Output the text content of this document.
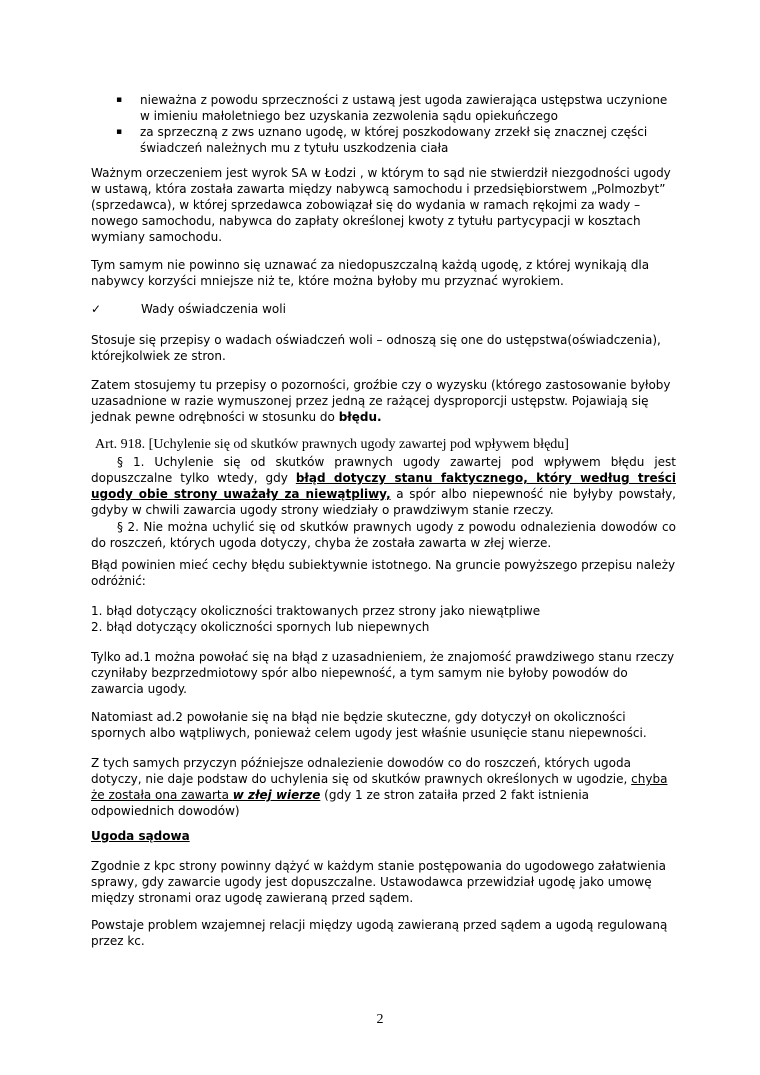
▪ nieważna z powodu sprzeczności z ustawą jest ugoda zawierająca ustępstwa uczynione w imieniu małoletniego bez uzyskania zezwolenia sądu opiekuńczego
▪ za sprzeczną z zws uznano ugodę, w której poszkodowany zrzekł się znacznej części świadczeń należnych mu z tytułu uszkodzenia ciała

Ważnym orzeczeniem jest wyrok SA w Łodzi , w którym to sąd nie stwierdził niezgodności ugody w ustawą, która została zawarta między nabywcą samochodu i przedsiębiorstwem „Polmozbyt” (sprzedawca), w której sprzedawca zobowiązał się do wydania w ramach rękojmi za wady – nowego samochodu, nabywca do zapłaty określonej kwoty z tytułu partycypacji w kosztach wymiany samochodu.

Tym samym nie powinno się uznawać za niedopuszczalną każdą ugodę, z której wynikają dla nabywcy korzyści mniejsze niż te, które można byłoby mu przyznać wyrokiem.

✓	Wady oświadczenia woli

Stosuje się przepisy o wadach oświadczeń woli – odnoszą się one do ustępstwa(oświadczenia), którejkolwiek ze stron.

Zatem stosujemy tu przepisy o pozorności, groźbie czy o wyzysku (którego zastosowanie byłoby uzasadnione w razie wymuszonej przez jedną ze rażącej dysproporcji ustępstw. Pojawiają się jednak pewne odrębności w stosunku do błędu.

Art. 918. [Uchylenie się od skutków prawnych ugody zawartej pod wpływem błędu]

§ 1. Uchylenie się od skutków prawnych ugody zawartej pod wpływem błędu jest dopuszczalne tylko wtedy, gdy błąd dotyczy stanu faktycznego, który według treści ugody obie strony uważały za niewątpliwy, a spór albo niepewność nie byłyby powstały, gdyby w chwili zawarcia ugody strony wiedziały o prawdziwym stanie rzeczy.

§ 2. Nie można uchylić się od skutków prawnych ugody z powodu odnalezienia dowodów co do roszczeń, których ugoda dotyczy, chyba że została zawarta w złej wierze.

Błąd powinien mieć cechy błędu subiektywnie istotnego. Na gruncie powyższego przepisu należy odróżnić:

1. błąd dotyczący okoliczności traktowanych przez strony jako niewątpliwe

2. błąd dotyczący okoliczności spornych lub niepewnych

Tylko ad.1 można powołać się na błąd z uzasadnieniem, że znajomość prawdziwego stanu rzeczy czyniłaby bezprzedmiotowy spór albo niepewność, a tym samym nie byłoby powodów do zawarcia ugody.

Natomiast ad.2 powołanie się na błąd nie będzie skuteczne, gdy dotyczył on okoliczności spornych albo wątpliwych, ponieważ celem ugody jest właśnie usunięcie stanu niepewności.

Z tych samych przyczyn późniejsze odnalezienie dowodów co do roszczeń, których ugoda dotyczy, nie daje podstaw do uchylenia się od skutków prawnych określonych w ugodzie, chyba że została ona zawarta w złej wierze (gdy 1 ze stron zataiła przed 2 fakt istnienia odpowiednich dowodów)

Ugoda sądowa

Zgodnie z kpc strony powinny dążyć w każdym stanie postępowania do ugodowego załatwienia sprawy, gdy zawarcie ugody jest dopuszczalne. Ustawodawca przewidział ugodę jako umowę między stronami oraz ugodę zawieraną przed sądem.

Powstaje problem wzajemnej relacji między ugodą zawieraną przed sądem a ugodą regulowaną przez kc.

2
